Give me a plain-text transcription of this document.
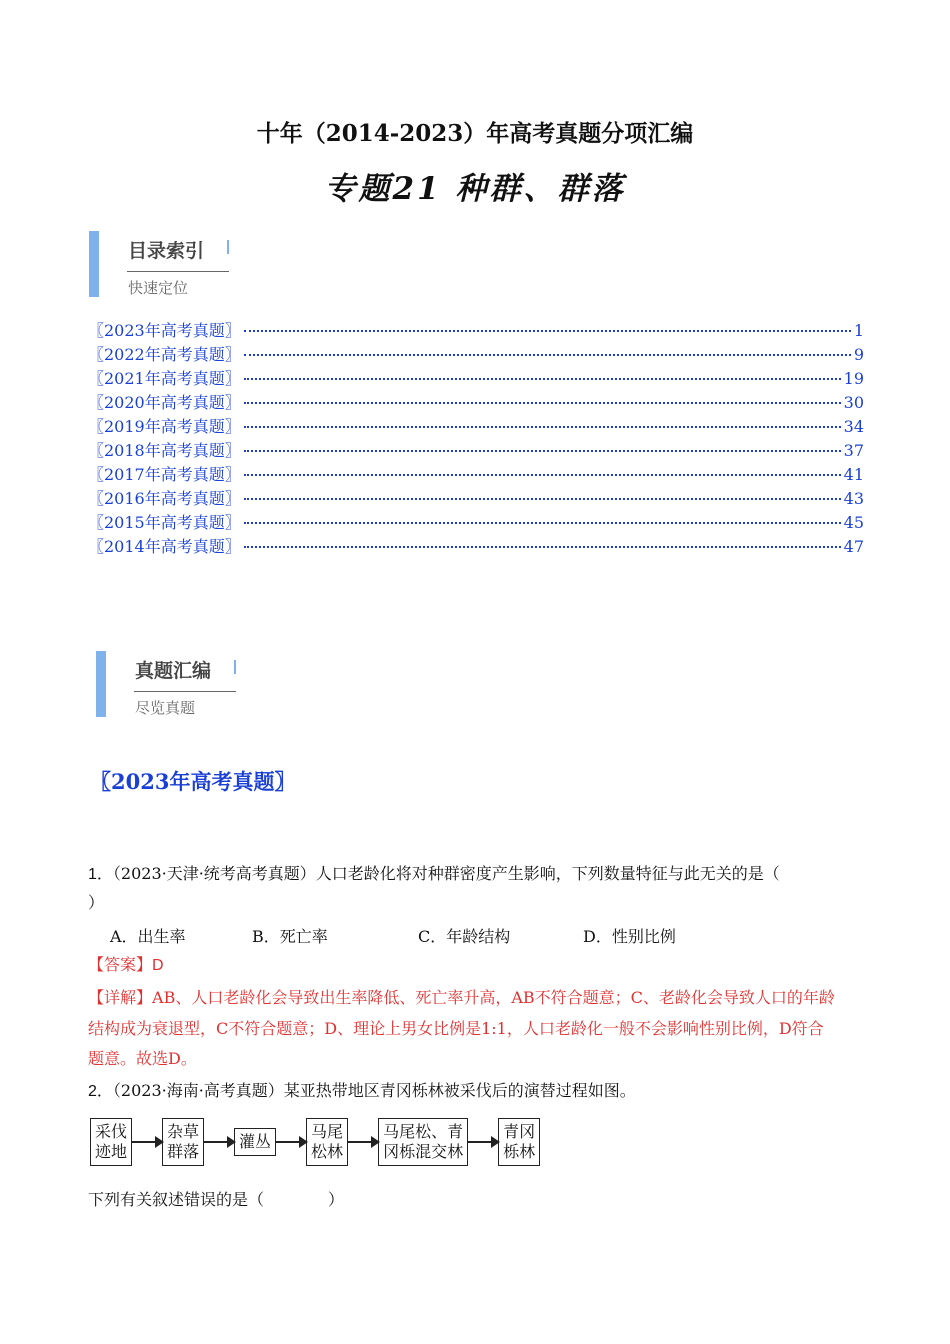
十年（2014-2023）年高考真题分项汇编
专题21 种群、群落
目录索引
快速定位
〖2023年高考真题〗	1
〖2022年高考真题〗	9
〖2021年高考真题〗	19
〖2020年高考真题〗	30
〖2019年高考真题〗	34
〖2018年高考真题〗	37
〖2017年高考真题〗	41
〖2016年高考真题〗	43
〖2015年高考真题〗	45
〖2014年高考真题〗	47
真题汇编
尽览真题
〖2023年高考真题〗
1．（2023·天津·统考高考真题）人口老龄化将对种群密度产生影响，下列数量特征与此无关的是（
）
A．出生率	B．死亡率	C．年龄结构	D．性别比例
【答案】D
【详解】AB、人口老龄化会导致出生率降低、死亡率升高，AB不符合题意；C、老龄化会导致人口的年龄
结构成为衰退型，C不符合题意；D、理论上男女比例是1:1，人口老龄化一般不会影响性别比例，D符合
题意。故选D。
2．（2023·海南·高考真题）某亚热带地区青冈栎林被采伐后的演替过程如图。
采伐
迹地
杂草
群落
灌丛
马尾
松林
马尾松、青
冈栎混交林
青冈
栎林
下列有关叙述错误的是（　　　　）
